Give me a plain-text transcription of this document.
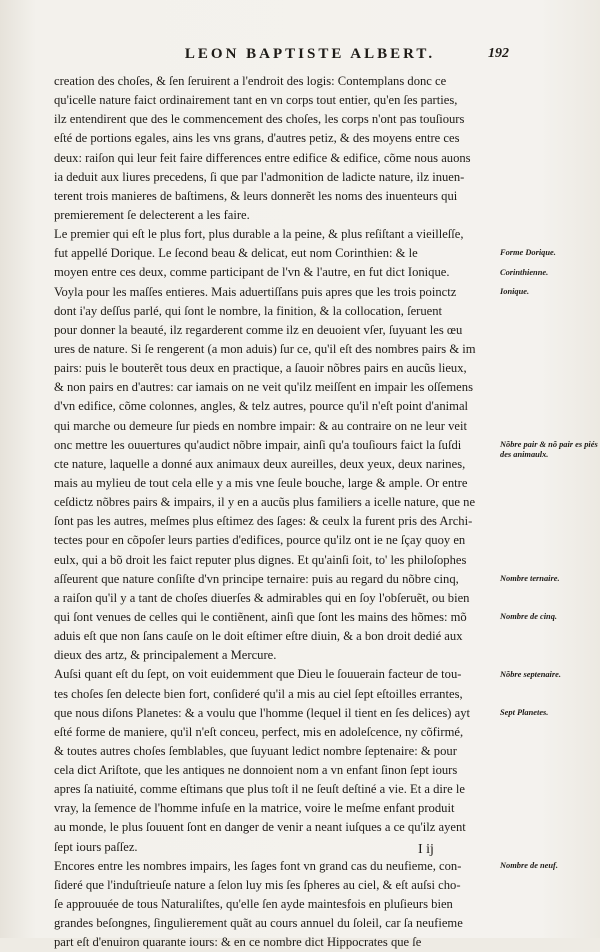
LEON BAPTISTE ALBERT.	192
creation des choſes, & ſen ſeruirent a l'endroit des logis: Contemplans donc ce
qu'icelle nature faict ordinairement tant en vn corps tout entier, qu'en ſes parties,
ilz entendirent que des le commencement des choſes, les corps n'ont pas touſiours
eſté de portions egales, ains les vns grans, d'autres petiz, & des moyens entre ces
deux: raiſon qui leur feit faire differences entre edifice & edifice, cõme nous auons
ia deduit aux liures precedens, ſi que par l'admonition de ladicte nature, ilz inuen-
terent trois manieres de baſtimens, & leurs donnerẽt les noms des inuenteurs qui
premierement ſe delecterent a les faire.
Le premier qui eſt le plus fort, plus durable a la peine, & plus reſiſtant a vieilleſſe,
fut appellé Dorique. Le ſecond beau & delicat, eut nom Corinthien: & le
moyen entre ces deux, comme participant de l'vn & l'autre, en fut dict Ionique.
Voyla pour les maſſes entieres. Mais aduertiſſans puis apres que les trois poinctz
dont i'ay deſſus parlé, qui ſont le nombre, la finition, & la collocation, ſeruent
pour donner la beauté, ilz regarderent comme ilz en deuoient vſer, ſuyuant les œu
ures de nature. Si ſe rengerent (a mon aduis) ſur ce, qu'il eſt des nombres pairs & im
pairs: puis le bouterẽt tous deux en practique, a ſauoir nõbres pairs en aucũs lieux,
& non pairs en d'autres: car iamais on ne veit qu'ilz meiſſent en impair les oſſemens
d'vn edifice, cõme colonnes, angles, & telz autres, pource qu'il n'eſt point d'animal
qui marche ou demeure ſur pieds en nombre impair: & au contraire on ne leur veit
onc mettre les ouuertures qu'audict nõbre impair, ainſi qu'a touſiours faict la ſuſdi
cte nature, laquelle a donné aux animaux deux aureilles, deux yeux, deux narines,
mais au mylieu de tout cela elle y a mis vne ſeule bouche, large & ample. Or entre
ceſdictz nõbres pairs & impairs, il y en a aucũs plus familiers a icelle nature, que ne
ſont pas les autres, meſmes plus eſtimez des ſages: & ceulx la furent pris des Archi-
tectes pour en cõpoſer leurs parties d'edifices, pource qu'ilz ont ie ne ſçay quoy en
eulx, qui a bõ droit les faict reputer plus dignes. Et qu'ainſi ſoit, to' les philoſophes
aſſeurent que nature conſiſte d'vn principe ternaire: puis au regard du nõbre cinq,
a raiſon qu'il y a tant de choſes diuerſes & admirables qui en ſoy l'obſeruẽt, ou bien
qui ſont venues de celles qui le contiẽnent, ainſi que ſont les mains des hõmes: mõ
aduis eſt que non ſans cauſe on le doit eſtimer eſtre diuin, & a bon droit dedié aux
dieux des artz, & principalement a Mercure.
Auſsi quant eſt du ſept, on voit euidemment que Dieu le ſouuerain facteur de tou-
tes choſes ſen delecte bien fort, conſideré qu'il a mis au ciel ſept eſtoilles errantes,
que nous diſons Planetes: & a voulu que l'homme (lequel il tient en ſes delices) ayt
eſté forme de maniere, qu'il n'eſt conceu, perfect, mis en adoleſcence, ny cõfirmé,
& toutes autres choſes ſemblables, que ſuyuant ledict nombre ſeptenaire: & pour
cela dict Ariſtote, que les antiques ne donnoient nom a vn enfant ſinon ſept iours
apres ſa natiuité, comme eſtimans que plus toſt il ne ſeuſt deſtiné a vie. Et a dire le
vray, la ſemence de l'homme infuſe en la matrice, voire le meſme enfant produit
au monde, le plus ſouuent ſont en danger de venir a neant iuſques a ce qu'ilz ayent
ſept iours paſſez.
Encores entre les nombres impairs, les ſages font vn grand cas du neufieme, con-
ſideré que l'induſtrieuſe nature a ſelon luy mis ſes ſpheres au ciel, & eſt auſsi cho-
ſe approuuée de tous Naturaliſtes, qu'elle ſen ayde maintesfois en pluſieurs bien
grandes beſongnes, ſingulierement quãt au cours annuel du ſoleil, car ſa neufieme
part eſt d'enuiron quarante iours: & en ce nombre dict Hippocrates que ſe
Forme Dorique.
Corinthienne.
Ionique.
Nõbre pair & nõ pair es piés des animaulx.
Nombre ternaire.
Nombre de cinq.
Nõbre septenaire.
Sept Planetes.
Nombre de neuf.
I ij
